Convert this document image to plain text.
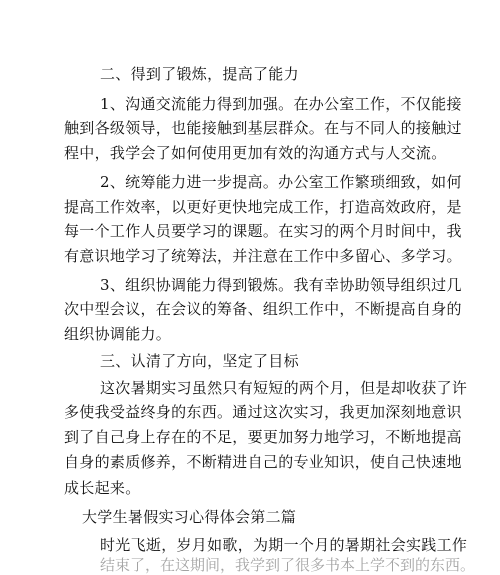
二、得到了锻炼，提高了能力
1、沟通交流能力得到加强。在办公室工作，不仅能接
触到各级领导，也能接触到基层群众。在与不同人的接触过
程中，我学会了如何使用更加有效的沟通方式与人交流。
2、统筹能力进一步提高。办公室工作繁琐细致，如何
提高工作效率，以更好更快地完成工作，打造高效政府，是
每一个工作人员要学习的课题。在实习的两个月时间中，我
有意识地学习了统筹法，并注意在工作中多留心、多学习。
3、组织协调能力得到锻炼。我有幸协助领导组织过几
次中型会议，在会议的筹备、组织工作中，不断提高自身的
组织协调能力。
三、认清了方向，坚定了目标
这次暑期实习虽然只有短短的两个月，但是却收获了许
多使我受益终身的东西。通过这次实习，我更加深刻地意识
到了自己身上存在的不足，要更加努力地学习，不断地提高
自身的素质修养，不断精进自己的专业知识，使自己快速地
成长起来。
大学生暑假实习心得体会第二篇
时光飞逝，岁月如歌，为期一个月的暑期社会实践工作
结束了，在这期间，我学到了很多书本上学不到的东西。
